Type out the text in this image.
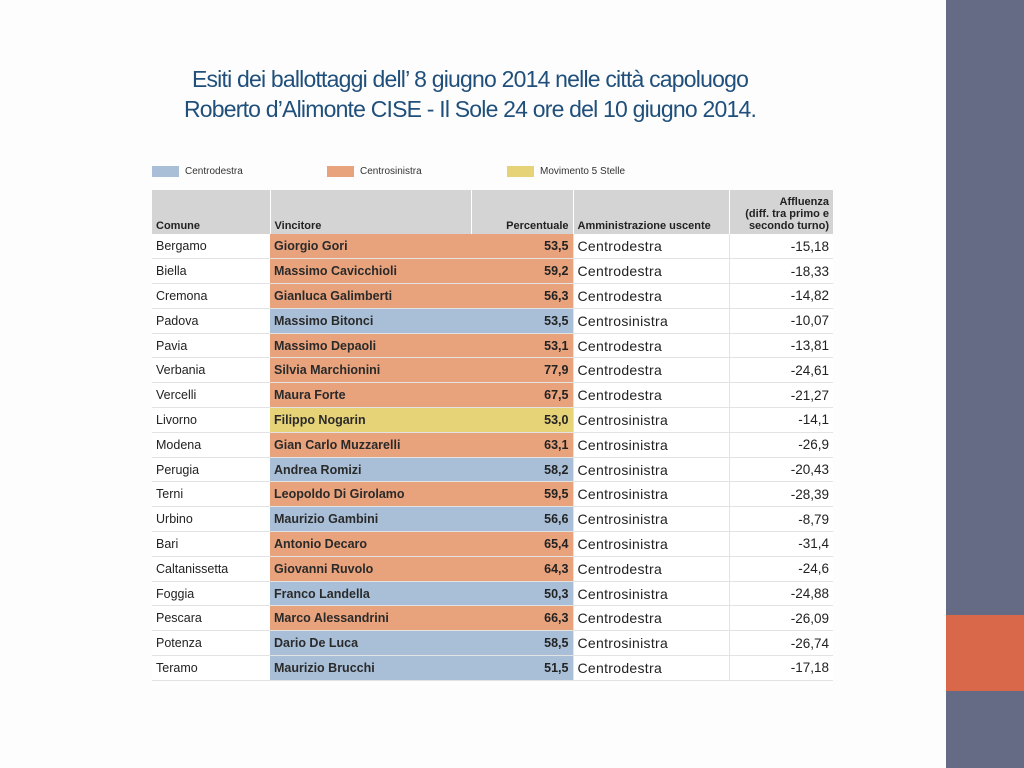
Esiti dei ballottaggi dell’ 8 giugno 2014 nelle città capoluogo
Roberto d’Alimonte CISE - Il Sole 24 ore del 10 giugno 2014.
Centrodestra	Centrosinistra	Movimento 5 Stelle
Comune	Vincitore	Percentuale	Amministrazione uscente	Affluenza
(diff. tra primo e
secondo turno)

Bergamo	Giorgio Gori	53,5	Centrodestra	-15,18
Biella	Massimo Cavicchioli	59,2	Centrodestra	-18,33
Cremona	Gianluca Galimberti	56,3	Centrodestra	-14,82
Padova	Massimo Bitonci	53,5	Centrosinistra	-10,07
Pavia	Massimo Depaoli	53,1	Centrodestra	-13,81
Verbania	Silvia Marchionini	77,9	Centrodestra	-24,61
Vercelli	Maura Forte	67,5	Centrodestra	-21,27
Livorno	Filippo Nogarin	53,0	Centrosinistra	-14,1
Modena	Gian Carlo Muzzarelli	63,1	Centrosinistra	-26,9
Perugia	Andrea Romizi	58,2	Centrosinistra	-20,43
Terni	Leopoldo Di Girolamo	59,5	Centrosinistra	-28,39
Urbino	Maurizio Gambini	56,6	Centrosinistra	-8,79
Bari	Antonio Decaro	65,4	Centrosinistra	-31,4
Caltanissetta	Giovanni Ruvolo	64,3	Centrodestra	-24,6
Foggia	Franco Landella	50,3	Centrosinistra	-24,88
Pescara	Marco Alessandrini	66,3	Centrodestra	-26,09
Potenza	Dario De Luca	58,5	Centrosinistra	-26,74
Teramo	Maurizio Brucchi	51,5	Centrodestra	-17,18
